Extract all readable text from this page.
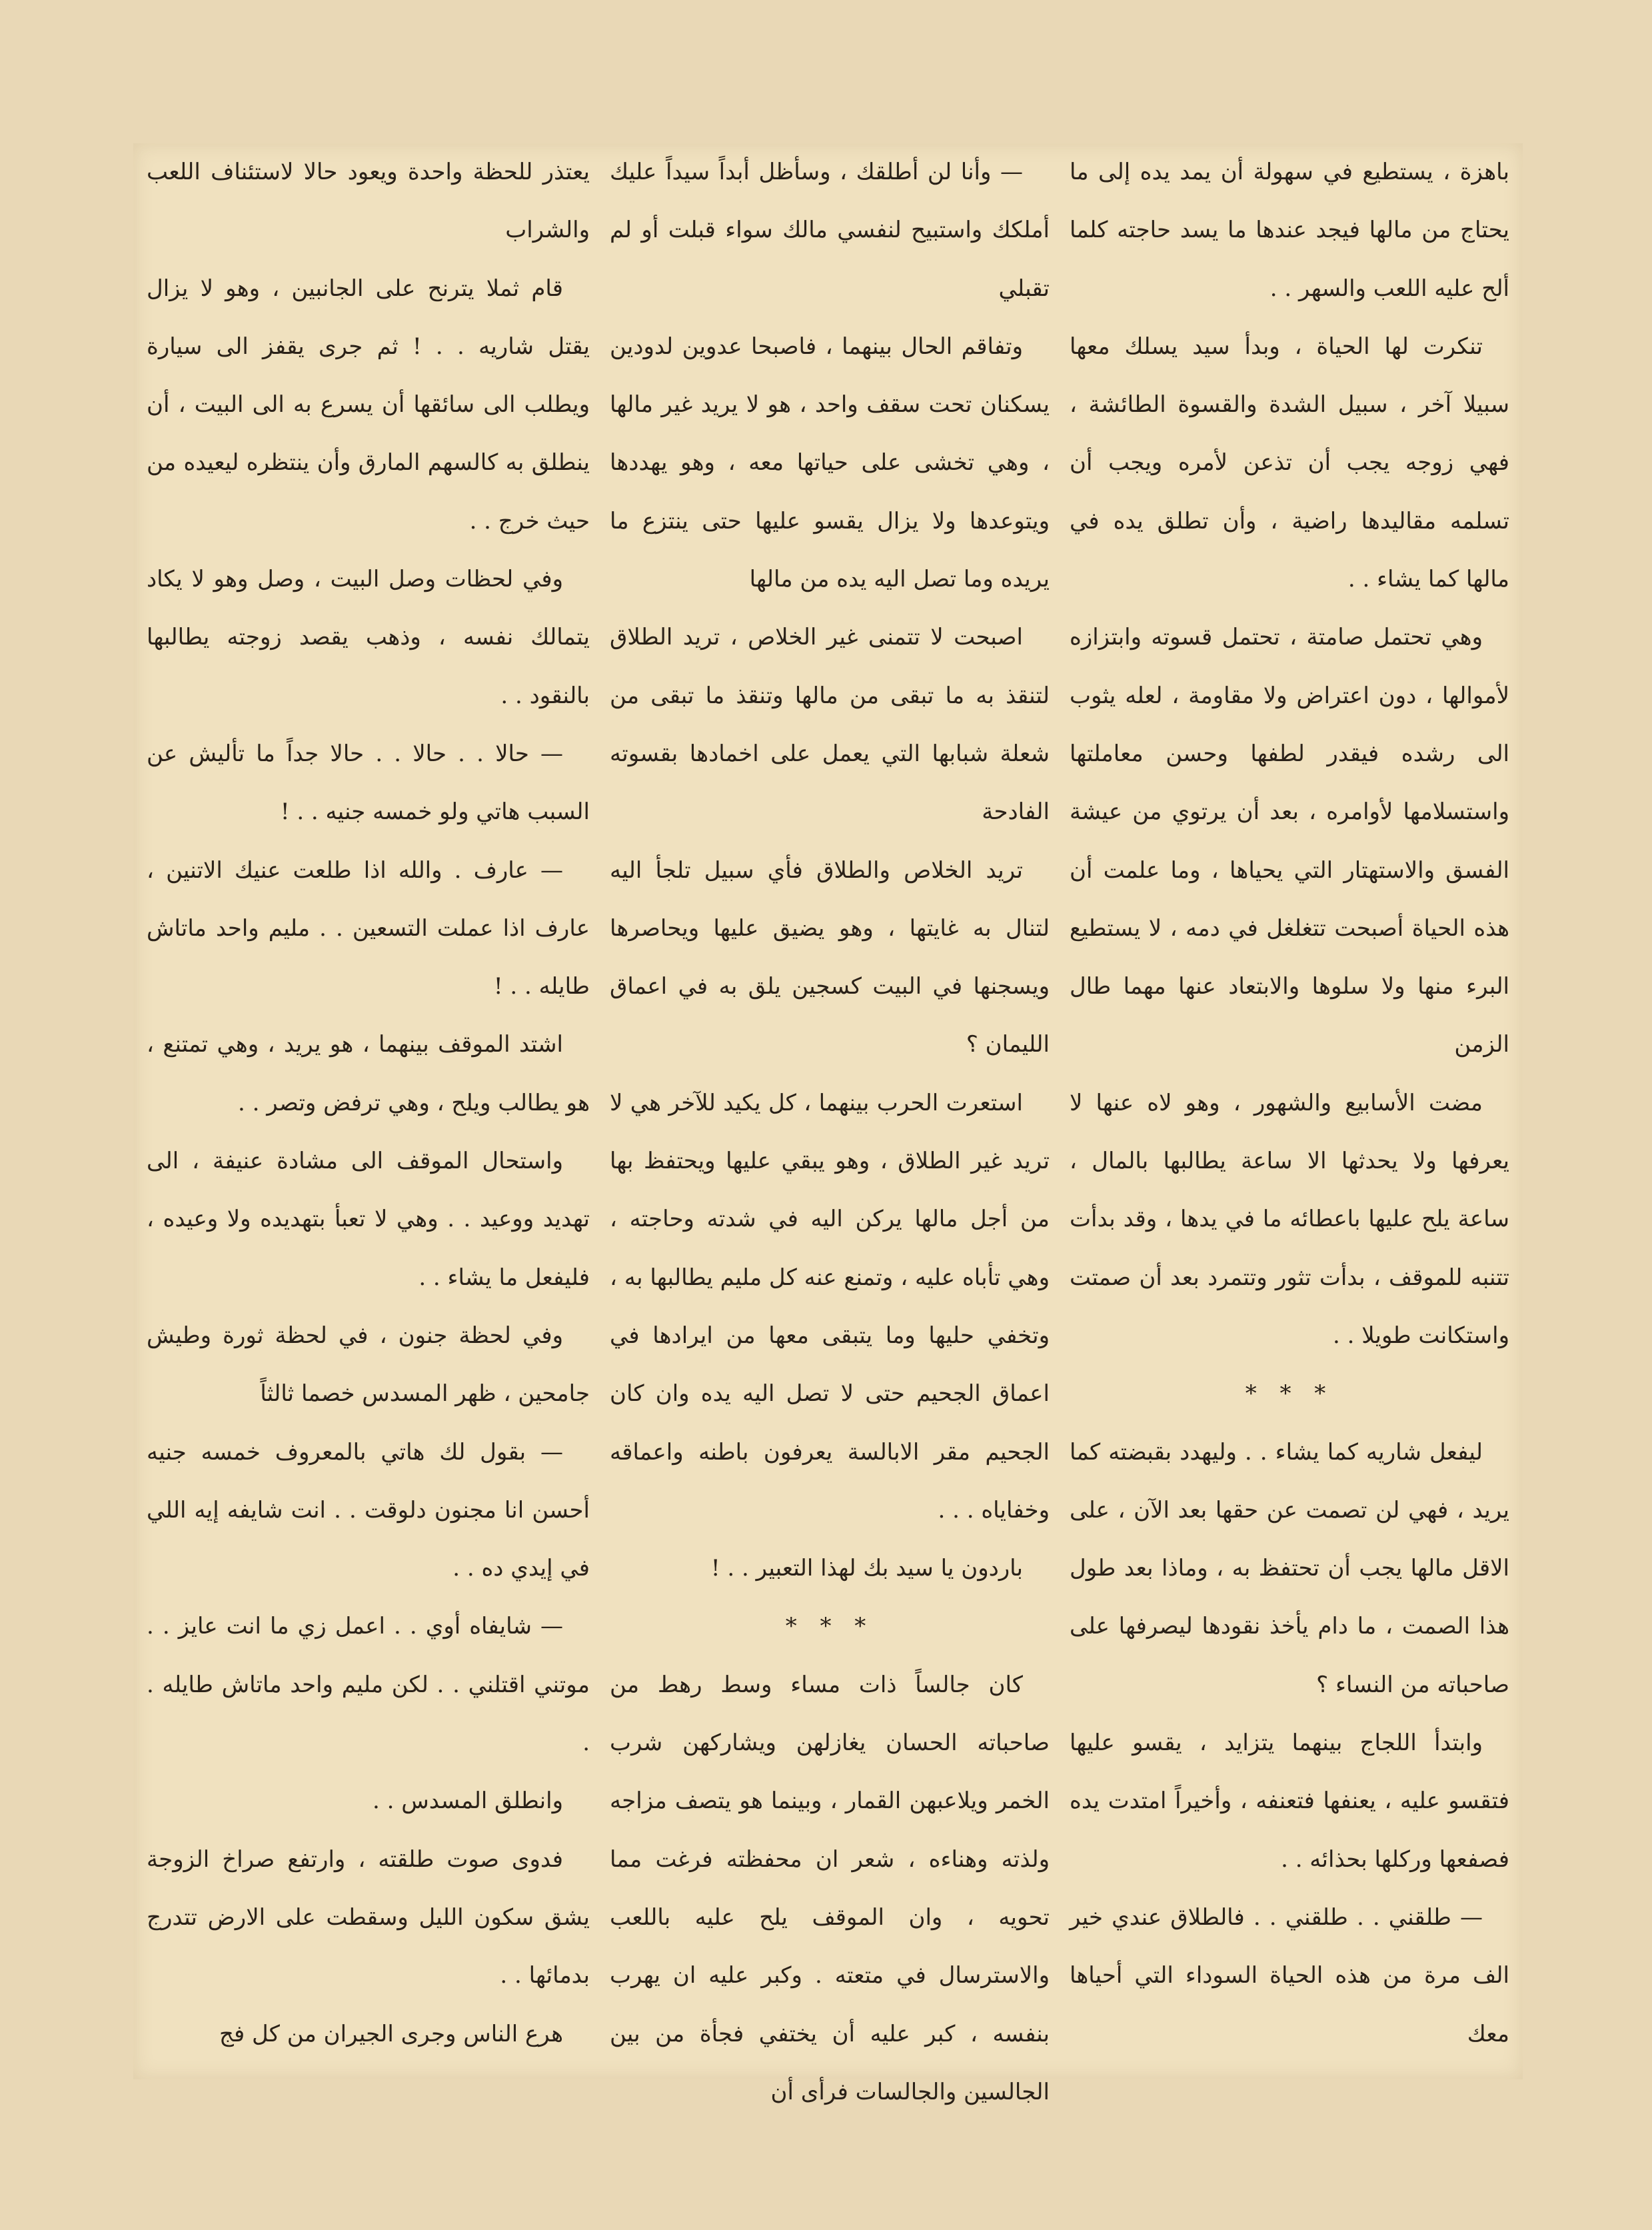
باهزة ، يستطيع في سهولة أن يمد يده إلى ما يحتاج من مالها فيجد عندها ما يسد حاجته كلما ألح عليه اللعب والسهر . .

تنكرت لها الحياة ، وبدأ سيد يسلك معها سبيلا آخر ، سبيل الشدة والقسوة الطائشة ، فهي زوجه يجب أن تذعن لأمره ويجب أن تسلمه مقاليدها راضية ، وأن تطلق يده في مالها كما يشاء . .

وهي تحتمل صامتة ، تحتمل قسوته وابتزازه لأموالها ، دون اعتراض ولا مقاومة ، لعله يثوب الى رشده فيقدر لطفها وحسن معاملتها واستسلامها لأوامره ، بعد أن يرتوي من عيشة الفسق والاستهتار التي يحياها ، وما علمت أن هذه الحياة أصبحت تتغلغل في دمه ، لا يستطيع البرء منها ولا سلوها والابتعاد عنها مهما طال الزمن

مضت الأسابيع والشهور ، وهو لاه عنها لا يعرفها ولا يحدثها الا ساعة يطالبها بالمال ، ساعة يلح عليها باعطائه ما في يدها ، وقد بدأت تتنبه للموقف ، بدأت تثور وتتمرد بعد أن صمتت واستكانت طويلا . .

* * *

ليفعل شاريه كما يشاء . . وليهدد بقبضته كما يريد ، فهي لن تصمت عن حقها بعد الآن ، على الاقل مالها يجب أن تحتفظ به ، وماذا بعد طول هذا الصمت ، ما دام يأخذ نقودها ليصرفها على صاحباته من النساء ؟

وابتدأ اللجاج بينهما يتزايد ، يقسو عليها فتقسو عليه ، يعنفها فتعنفه ، وأخيراً امتدت يده فصفعها وركلها بحذائه . .

— طلقني . . طلقني . . فالطلاق عندي خير الف مرة من هذه الحياة السوداء التي أحياها معك

— وأنا لن أطلقك ، وسأظل أبداً سيداً عليك أملكك واستبيح لنفسي مالك سواء قبلت أو لم تقبلي

وتفاقم الحال بينهما ، فاصبحا عدوين لدودين يسكنان تحت سقف واحد ، هو لا يريد غير مالها ، وهي تخشى على حياتها معه ، وهو يهددها ويتوعدها ولا يزال يقسو عليها حتى ينتزع ما يريده وما تصل اليه يده من مالها

اصبحت لا تتمنى غير الخلاص ، تريد الطلاق لتنقذ به ما تبقى من مالها وتنقذ ما تبقى من شعلة شبابها التي يعمل على اخمادها بقسوته الفادحة

تريد الخلاص والطلاق فأي سبيل تلجأ اليه لتنال به غايتها ، وهو يضيق عليها ويحاصرها ويسجنها في البيت كسجين يلق به في اعماق الليمان ؟

استعرت الحرب بينهما ، كل يكيد للآخر هي لا تريد غير الطلاق ، وهو يبقي عليها ويحتفظ بها من أجل مالها يركن اليه في شدته وحاجته ، وهي تأباه عليه ، وتمنع عنه كل مليم يطالبها به ، وتخفي حليها وما يتبقى معها من ايرادها في اعماق الجحيم حتى لا تصل اليه يده وان كان الجحيم مقر الابالسة يعرفون باطنه واعماقه وخفاياه . . .

باردون يا سيد بك لهذا التعبير . . !

* * *

كان جالساً ذات مساء وسط رهط من صاحباته الحسان يغازلهن ويشاركهن شرب الخمر ويلاعبهن القمار ، وبينما هو يتصف مزاجه ولذته وهناءه ، شعر ان محفظته فرغت مما تحويه ، وان الموقف يلح عليه باللعب والاسترسال في متعته . وكبر عليه ان يهرب بنفسه ، كبر عليه أن يختفي فجأة من بين الجالسين والجالسات فرأى أن

يعتذر للحظة واحدة ويعود حالا لاستئناف اللعب والشراب

قام ثملا يترنح على الجانبين ، وهو لا يزال يقتل شاريه . . ! ثم جرى يقفز الى سيارة ويطلب الى سائقها أن يسرع به الى البيت ، أن ينطلق به كالسهم المارق وأن ينتظره ليعيده من حيث خرج . .

وفي لحظات وصل البيت ، وصل وهو لا يكاد يتمالك نفسه ، وذهب يقصد زوجته يطالبها بالنقود . .

— حالا . . حالا . . حالا جداً ما تأليش عن السبب هاتي ولو خمسه جنيه . . !

— عارف . والله اذا طلعت عنيك الاتنين ، عارف اذا عملت التسعين . . مليم واحد ماتاش طايله . . !

اشتد الموقف بينهما ، هو يريد ، وهي تمتنع ، هو يطالب ويلح ، وهي ترفض وتصر . .

واستحال الموقف الى مشادة عنيفة ، الى تهديد ووعيد . . وهي لا تعبأ بتهديده ولا وعيده ، فليفعل ما يشاء . .

وفي لحظة جنون ، في لحظة ثورة وطيش جامحين ، ظهر المسدس خصما ثالثاً

— بقول لك هاتي بالمعروف خمسه جنيه أحسن انا مجنون دلوقت . . انت شايفه إيه اللي في إيدي ده . .

— شايفاه أوي . . اعمل زي ما انت عايز . . موتني اقتلني . . لكن مليم واحد ماتاش طايله . .

وانطلق المسدس . .

فدوى صوت طلقته ، وارتفع صراخ الزوجة يشق سكون الليل وسقطت على الارض تتدرج بدمائها . .

هرع الناس وجرى الجيران من كل فج
